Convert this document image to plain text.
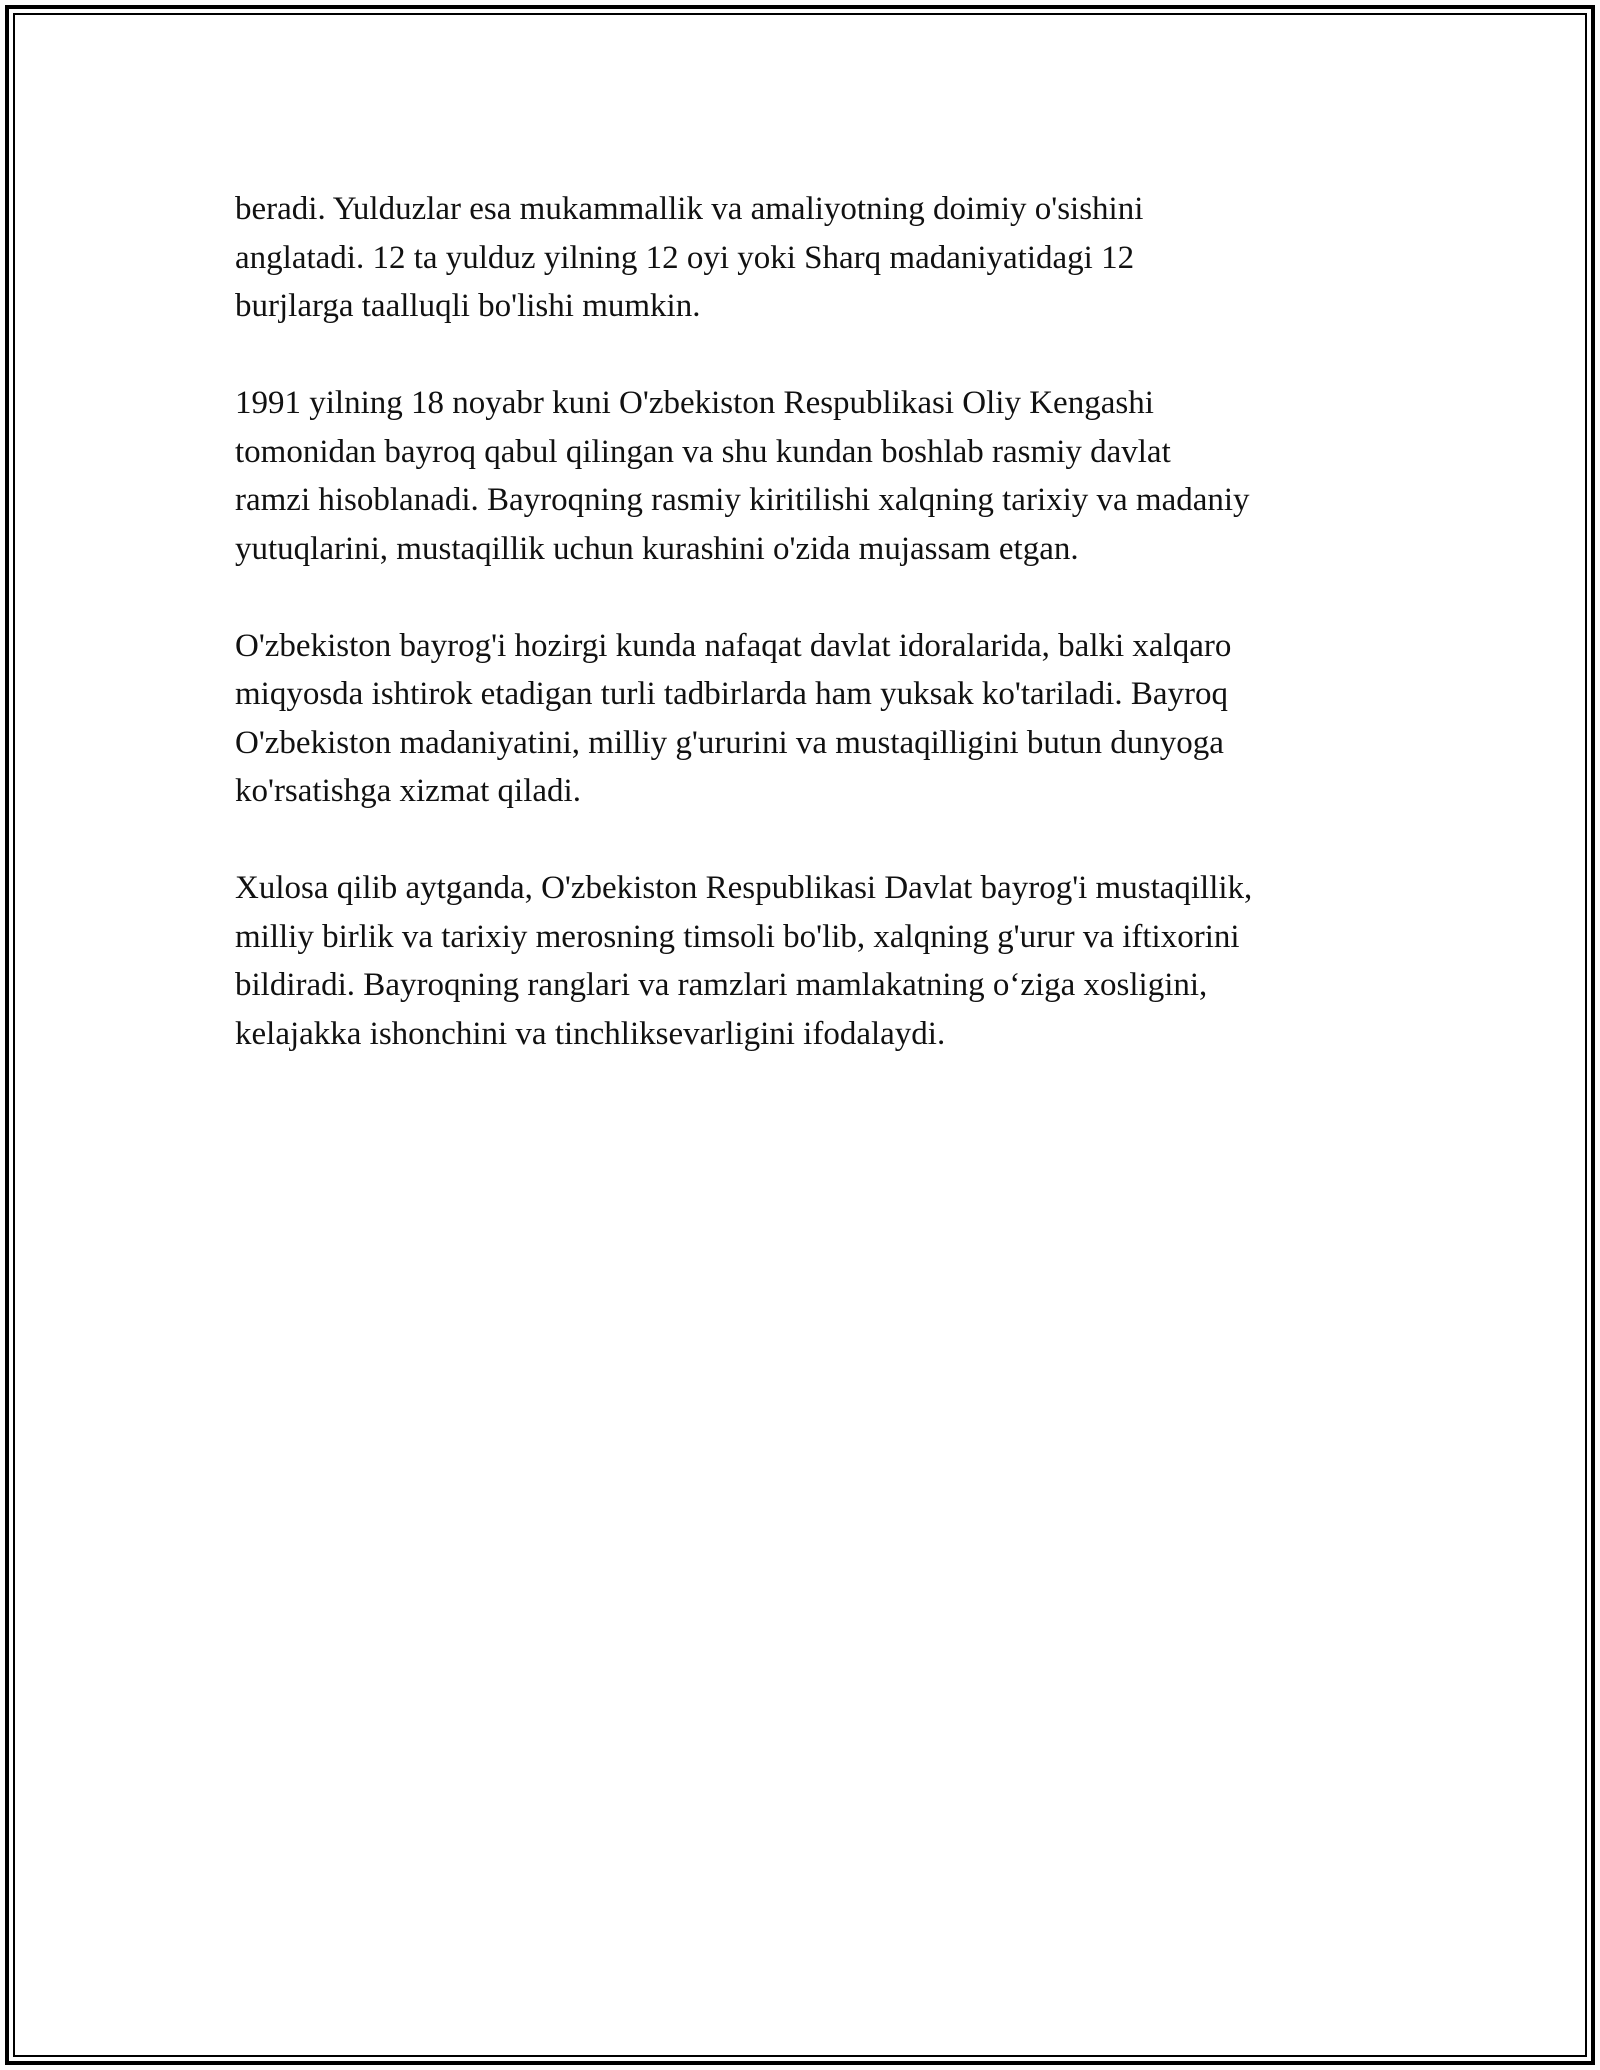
beradi. Yulduzlar esa mukammallik va amaliyotning doimiy o'sishini
anglatadi. 12 ta yulduz yilning 12 oyi yoki Sharq madaniyatidagi 12
burjlarga taalluqli bo'lishi mumkin.

1991 yilning 18 noyabr kuni O'zbekiston Respublikasi Oliy Kengashi
tomonidan bayroq qabul qilingan va shu kundan boshlab rasmiy davlat
ramzi hisoblanadi. Bayroqning rasmiy kiritilishi xalqning tarixiy va madaniy
yutuqlarini, mustaqillik uchun kurashini o'zida mujassam etgan.

O'zbekiston bayrog'i hozirgi kunda nafaqat davlat idoralarida, balki xalqaro
miqyosda ishtirok etadigan turli tadbirlarda ham yuksak ko'tariladi. Bayroq
O'zbekiston madaniyatini, milliy g'ururini va mustaqilligini butun dunyoga
ko'rsatishga xizmat qiladi.

Xulosa qilib aytganda, O'zbekiston Respublikasi Davlat bayrog'i mustaqillik,
milliy birlik va tarixiy merosning timsoli bo'lib, xalqning g'urur va iftixorini
bildiradi. Bayroqning ranglari va ramzlari mamlakatning o‘ziga xosligini,
kelajakka ishonchini va tinchliksevarligini ifodalaydi.
